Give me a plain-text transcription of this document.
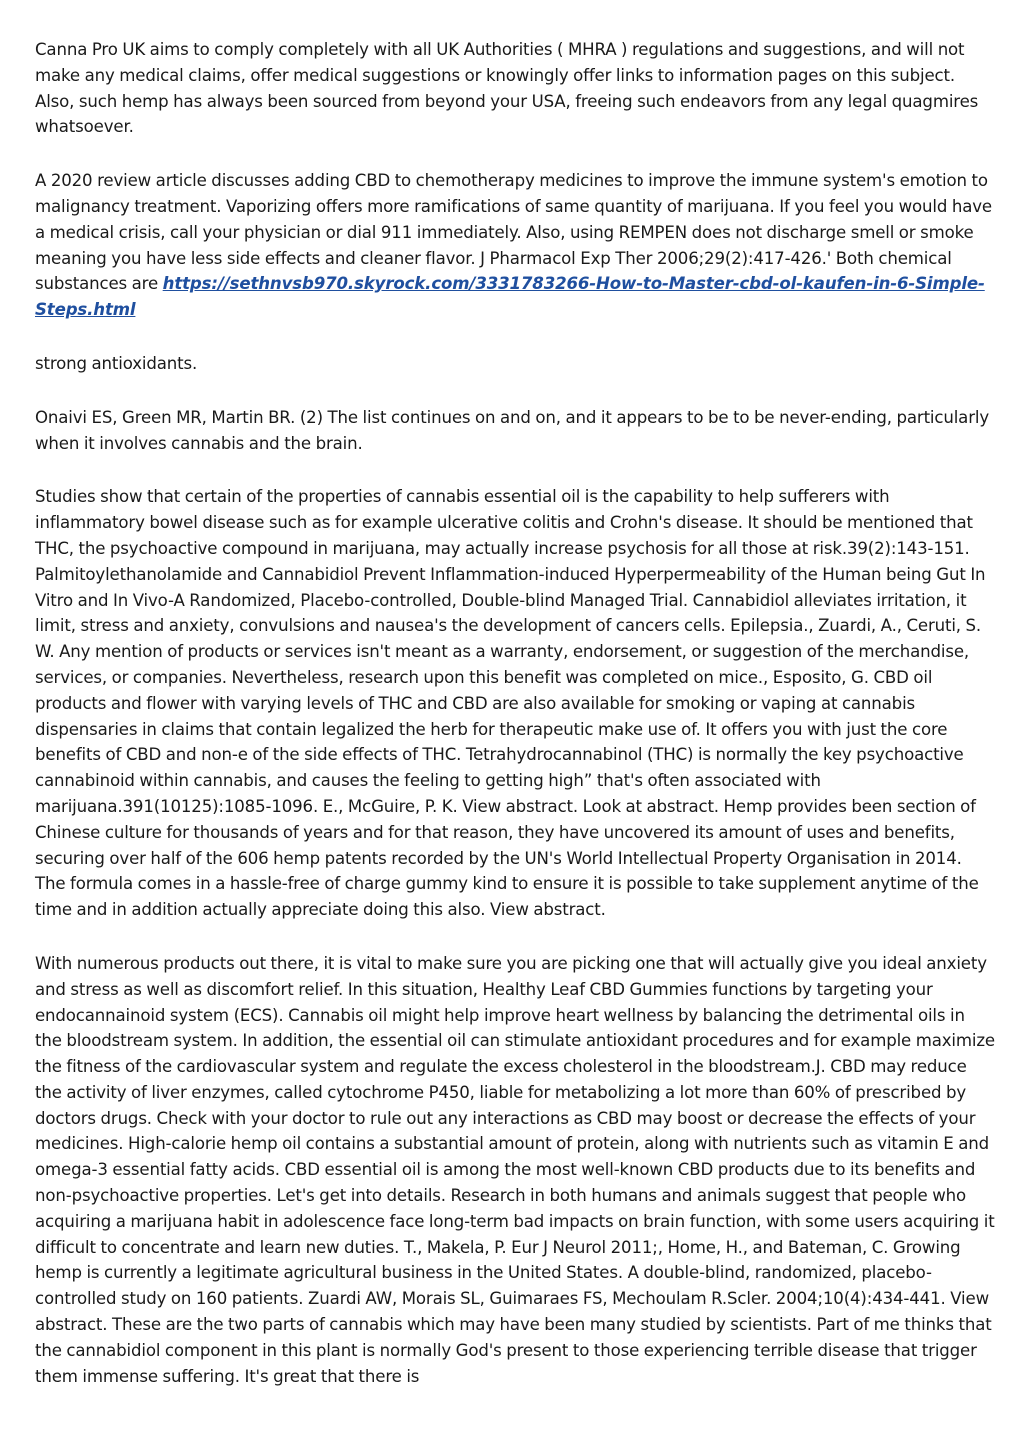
Canna Pro UK aims to comply completely with all UK Authorities ( MHRA ) regulations and suggestions, and will not make any medical claims, offer medical suggestions or knowingly offer links to information pages on this subject. Also, such hemp has always been sourced from beyond your USA, freeing such endeavors from any legal quagmires whatsoever.

A 2020 review article discusses adding CBD to chemotherapy medicines to improve the immune system's emotion to malignancy treatment. Vaporizing offers more ramifications of same quantity of marijuana. If you feel you would have a medical crisis, call your physician or dial 911 immediately. Also, using REMPEN does not discharge smell or smoke meaning you have less side effects and cleaner flavor. J Pharmacol Exp Ther 2006;29(2):417-426.' Both chemical substances are https://sethnvsb970.skyrock.com/3331783266-How-to-Master-cbd-ol-kaufen-in-6-Simple-Steps.html

strong antioxidants.

Onaivi ES, Green MR, Martin BR. (2) The list continues on and on, and it appears to be to be never-ending, particularly when it involves cannabis and the brain.

Studies show that certain of the properties of cannabis essential oil is the capability to help sufferers with inflammatory bowel disease such as for example ulcerative colitis and Crohn's disease. It should be mentioned that THC, the psychoactive compound in marijuana, may actually increase psychosis for all those at risk.39(2):143-151. Palmitoylethanolamide and Cannabidiol Prevent Inflammation-induced Hyperpermeability of the Human being Gut In Vitro and In Vivo-A Randomized, Placebo-controlled, Double-blind Managed Trial. Cannabidiol alleviates irritation, it limit, stress and anxiety, convulsions and nausea's the development of cancers cells. Epilepsia., Zuardi, A., Ceruti, S. W. Any mention of products or services isn't meant as a warranty, endorsement, or suggestion of the merchandise, services, or companies. Nevertheless, research upon this benefit was completed on mice., Esposito, G. CBD oil products and flower with varying levels of THC and CBD are also available for smoking or vaping at cannabis dispensaries in claims that contain legalized the herb for therapeutic make use of. It offers you with just the core benefits of CBD and non-e of the side effects of THC. Tetrahydrocannabinol (THC) is normally the key psychoactive cannabinoid within cannabis, and causes the feeling to getting high” that's often associated with marijuana.391(10125):1085-1096. E., McGuire, P. K. View abstract. Look at abstract. Hemp provides been section of Chinese culture for thousands of years and for that reason, they have uncovered its amount of uses and benefits, securing over half of the 606 hemp patents recorded by the UN's World Intellectual Property Organisation in 2014. The formula comes in a hassle-free of charge gummy kind to ensure it is possible to take supplement anytime of the time and in addition actually appreciate doing this also. View abstract.

With numerous products out there, it is vital to make sure you are picking one that will actually give you ideal anxiety and stress as well as discomfort relief. In this situation, Healthy Leaf CBD Gummies functions by targeting your endocannainoid system (ECS). Cannabis oil might help improve heart wellness by balancing the detrimental oils in the bloodstream system. In addition, the essential oil can stimulate antioxidant procedures and for example maximize the fitness of the cardiovascular system and regulate the excess cholesterol in the bloodstream.J. CBD may reduce the activity of liver enzymes, called cytochrome P450, liable for metabolizing a lot more than 60% of prescribed by doctors drugs. Check with your doctor to rule out any interactions as CBD may boost or decrease the effects of your medicines. High-calorie hemp oil contains a substantial amount of protein, along with nutrients such as vitamin E and omega-3 essential fatty acids. CBD essential oil is among the most well-known CBD products due to its benefits and non-psychoactive properties. Let's get into details. Research in both humans and animals suggest that people who acquiring a marijuana habit in adolescence face long-term bad impacts on brain function, with some users acquiring it difficult to concentrate and learn new duties. T., Makela, P. Eur J Neurol 2011;, Home, H., and Bateman, C. Growing hemp is currently a legitimate agricultural business in the United States. A double-blind, randomized, placebo-controlled study on 160 patients. Zuardi AW, Morais SL, Guimaraes FS, Mechoulam R.Scler. 2004;10(4):434-441. View abstract. These are the two parts of cannabis which may have been many studied by scientists. Part of me thinks that the cannabidiol component in this plant is normally God's present to those experiencing terrible disease that trigger them immense suffering. It's great that there is
